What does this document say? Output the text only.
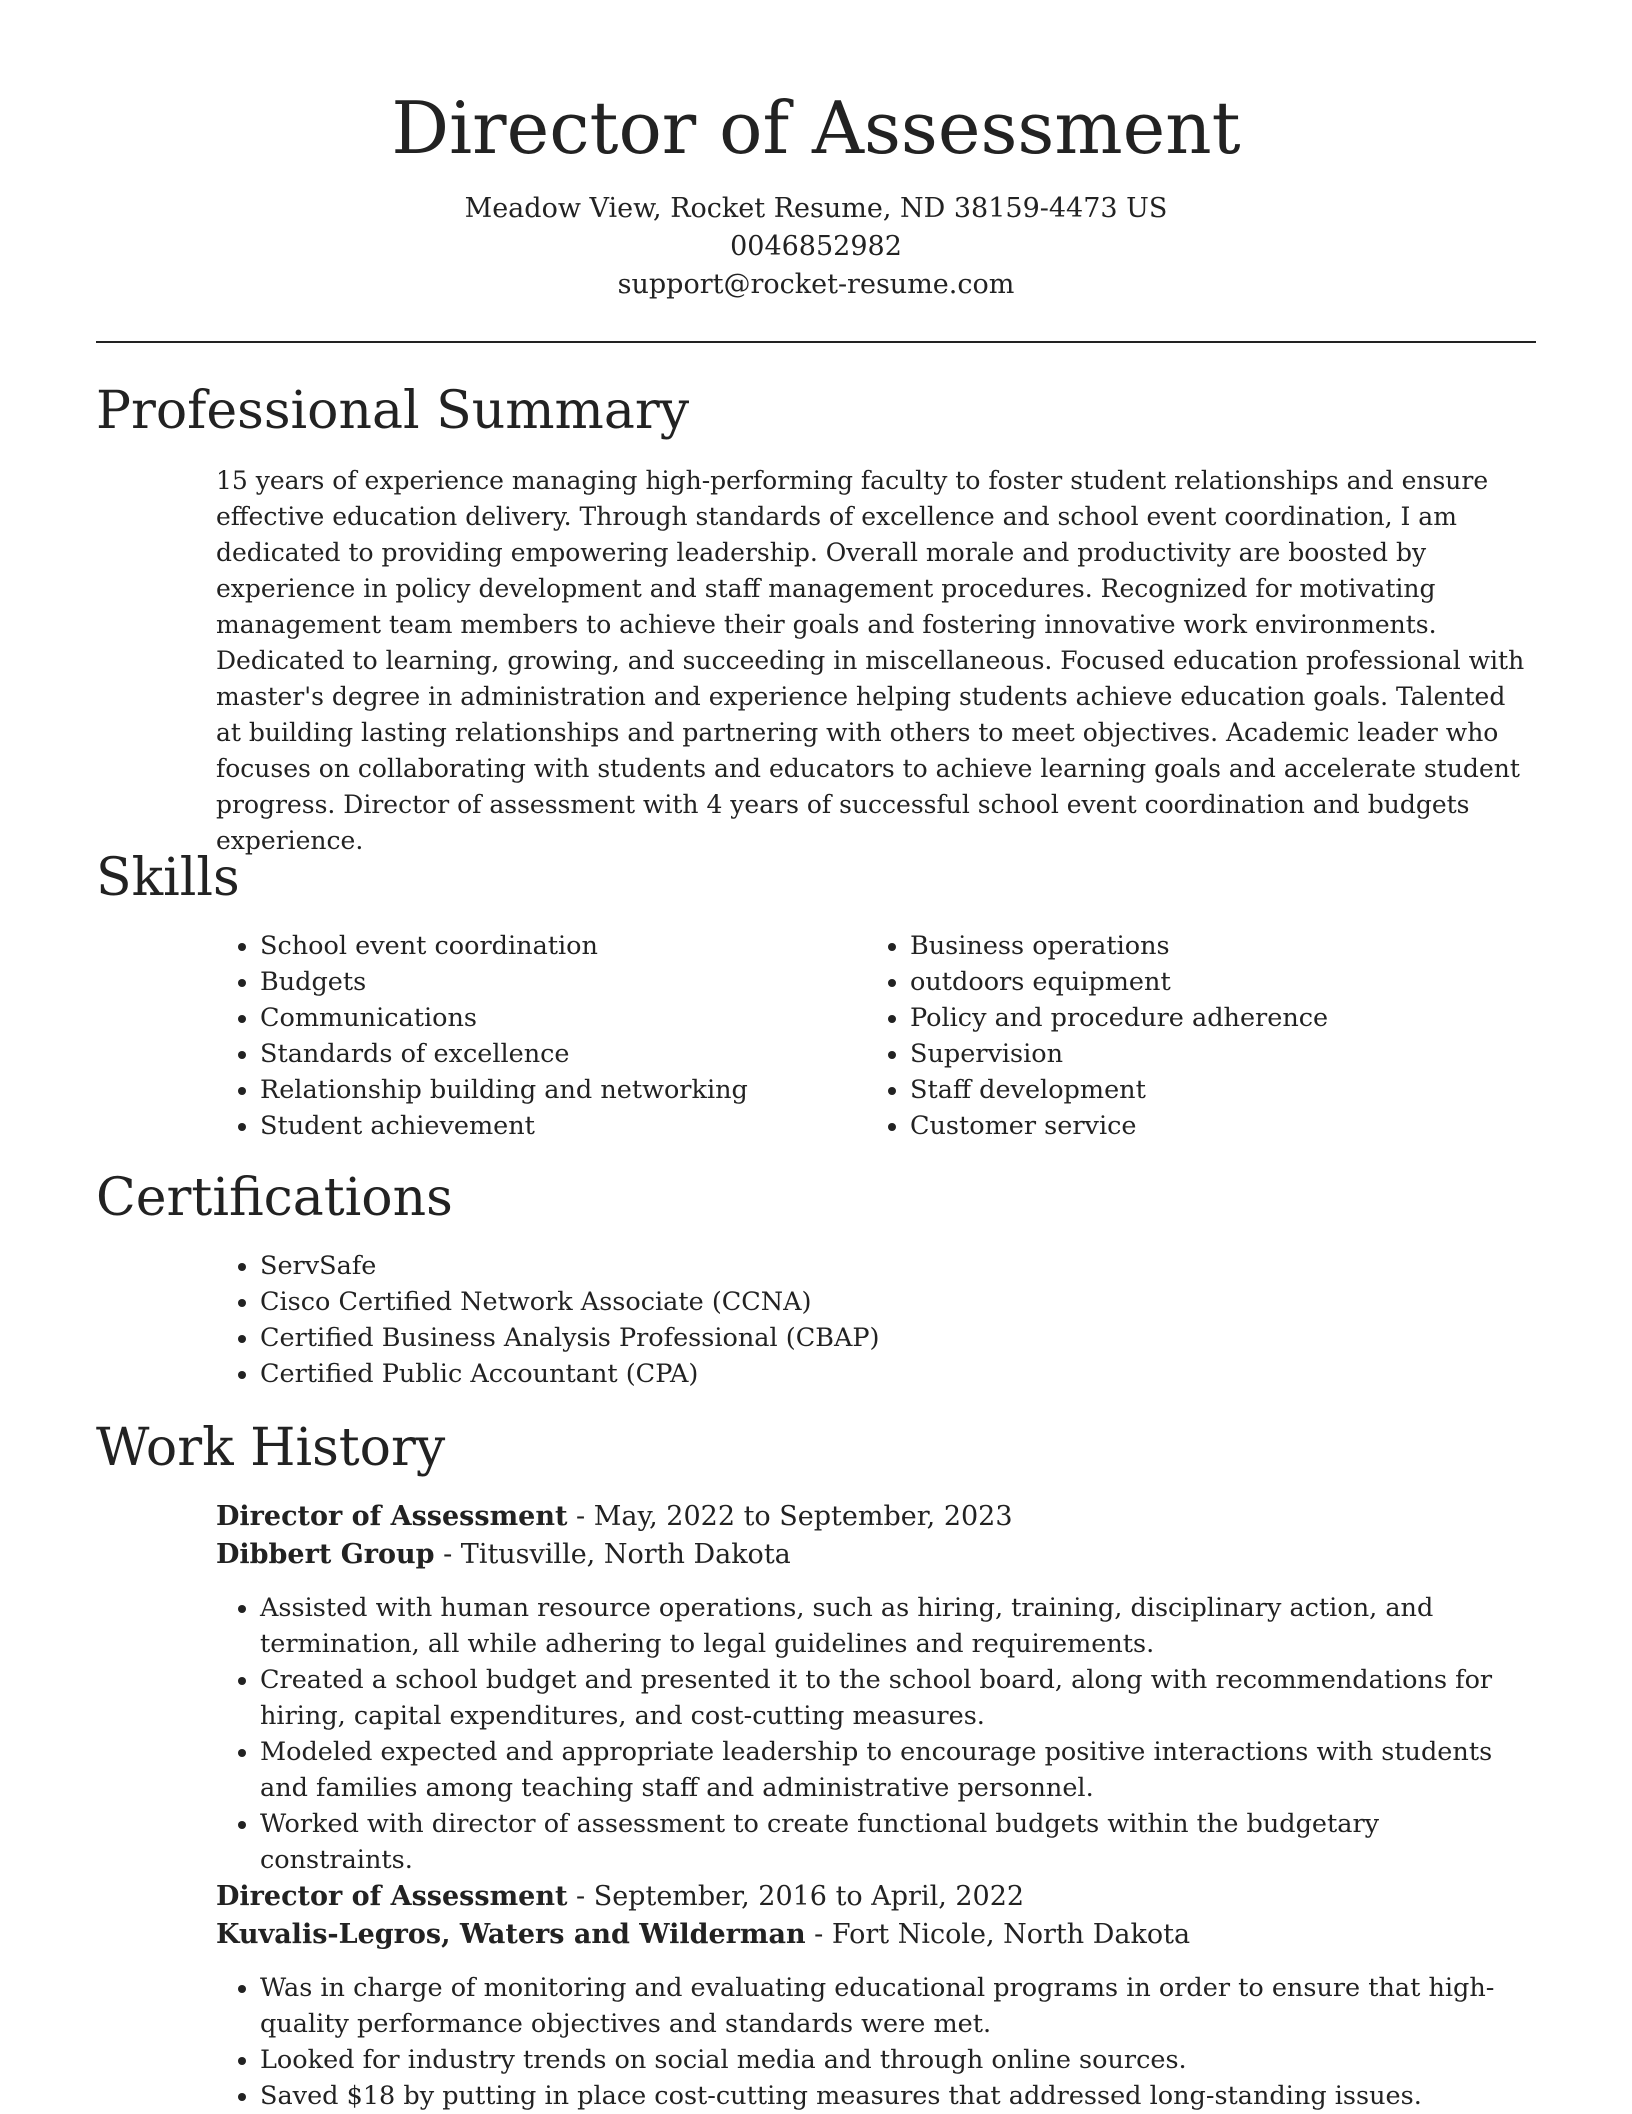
Director of Assessment
Meadow View, Rocket Resume, ND 38159-4473 US
0046852982
support@rocket-resume.com
Professional Summary

15 years of experience managing high-performing faculty to foster student relationships and ensure effective education delivery. Through standards of excellence and school event coordination, I am dedicated to providing empowering leadership. Overall morale and productivity are boosted by experience in policy development and staff management procedures. Recognized for motivating management team members to achieve their goals and fostering innovative work environments. Dedicated to learning, growing, and succeeding in miscellaneous. Focused education professional with master's degree in administration and experience helping students achieve education goals. Talented at building lasting relationships and partnering with others to meet objectives. Academic leader who focuses on collaborating with students and educators to achieve learning goals and accelerate student progress. Director of assessment with 4 years of successful school event coordination and budgets experience.

Skills
• School event coordination
• Budgets
• Communications
• Standards of excellence
• Relationship building and networking
• Student achievement
• Business operations
• outdoors equipment
• Policy and procedure adherence
• Supervision
• Staff development
• Customer service
Certifications
• ServSafe
• Cisco Certified Network Associate (CCNA)
• Certified Business Analysis Professional (CBAP)
• Certified Public Accountant (CPA)
Work History
Director of Assessment - May, 2022 to September, 2023
Dibbert Group - Titusville, North Dakota
• Assisted with human resource operations, such as hiring, training, disciplinary action, and termination, all while adhering to legal guidelines and requirements.
• Created a school budget and presented it to the school board, along with recommendations for hiring, capital expenditures, and cost-cutting measures.
• Modeled expected and appropriate leadership to encourage positive interactions with students and families among teaching staff and administrative personnel.
• Worked with director of assessment to create functional budgets within the budgetary constraints.
Director of Assessment - September, 2016 to April, 2022
Kuvalis-Legros, Waters and Wilderman - Fort Nicole, North Dakota
• Was in charge of monitoring and evaluating educational programs in order to ensure that high-quality performance objectives and standards were met.
• Looked for industry trends on social media and through online sources.
• Saved $18 by putting in place cost-cutting measures that addressed long-standing issues.
